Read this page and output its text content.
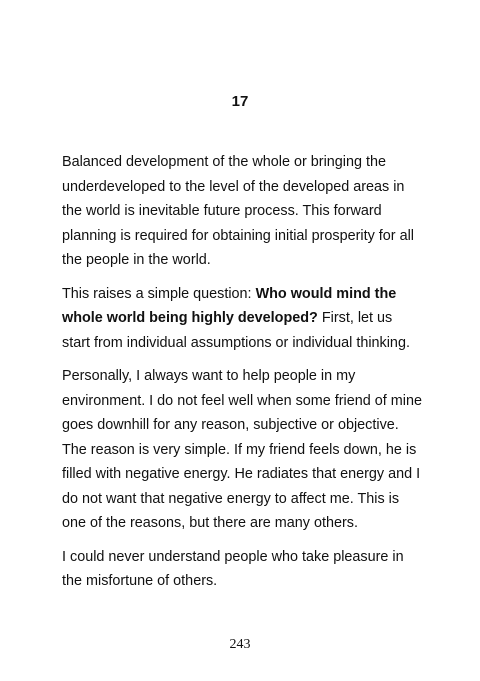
17

Balanced development of the whole or bringing the underdeveloped to the level of the developed areas in the world is inevitable future process. This forward planning is required for obtaining initial prosperity for all the people in the world.

This raises a simple question: Who would mind the whole world being highly developed? First, let us start from individual assumptions or individual thinking.

Personally, I always want to help people in my environment. I do not feel well when some friend of mine goes downhill for any reason, subjective or objective. The reason is very simple. If my friend feels down, he is filled with negative energy. He radiates that energy and I do not want that negative energy to affect me. This is one of the reasons, but there are many others.

I could never understand people who take pleasure in the misfortune of others.

243
